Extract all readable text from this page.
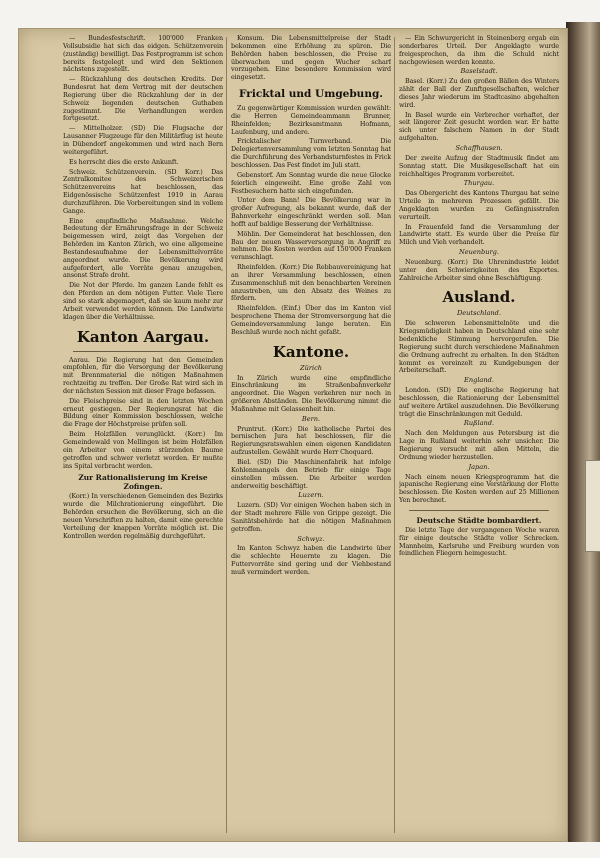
— Bundesfestschrift. 100'000 Franken Vollsubsidie hat sich das eidgen. Schützenverein (zuständig) bewilligt. Das Festprogramm ist schon bereits festgelegt und wird den Sektionen nächstens zugestellt.

— Rückzahlung des deutschen Kredits. Der Bundesrat hat dem Vertrag mit der deutschen Regierung über die Rückzahlung der in der Schweiz liegenden deutschen Guthaben zugestimmt. Die Verhandlungen werden fortgesetzt.

— Mittelholzer. (SD) Die Flugsache der Lausanner Flugzeuge für den Militärflug ist heute in Dübendorf angekommen und wird nach Bern weitergeführt.

Es herrscht dies die erste Ankunft.

Schweiz. Schützenverein. (SD Korr.) Das Zentralkomitee des Schweizerischen Schützenvereins hat beschlossen, das Eidgenössische Schützenfest 1919 in Aarau durchzuführen. Die Vorbereitungen sind in vollem Gange.

Eine empfindliche Maßnahme. Welche Bedeutung der Ernährungsfrage in der Schweiz beigemessen wird, zeigt das Vorgehen der Behörden im Kanton Zürich, wo eine allgemeine Bestandesaufnahme der Lebensmittelvorräte angeordnet wurde. Die Bevölkerung wird aufgefordert, alle Vorräte genau anzugeben, ansonst Strafe droht.

Die Not der Pferde. Im ganzen Lande fehlt es den Pferden an dem nötigen Futter. Viele Tiere sind so stark abgemagert, daß sie kaum mehr zur Arbeit verwendet werden können. Die Landwirte klagen über die Verhältnisse.

Kanton Aargau.

Aarau. Die Regierung hat den Gemeinden empfohlen, für die Versorgung der Bevölkerung mit Brennmaterial die nötigen Maßnahmen rechtzeitig zu treffen. Der Große Rat wird sich in der nächsten Session mit dieser Frage befassen.

Die Fleischpreise sind in den letzten Wochen erneut gestiegen. Der Regierungsrat hat die Bildung einer Kommission beschlossen, welche die Frage der Höchstpreise prüfen soll.

Beim Holzfällen verunglückt. (Korr.) Im Gemeindewald von Mellingen ist beim Holzfällen ein Arbeiter von einem stürzenden Baume getroffen und schwer verletzt worden. Er mußte ins Spital verbracht werden.

Zur Rationalisierung im Kreise Zofingen.

(Korr.) In verschiedenen Gemeinden des Bezirks wurde die Milchrationierung eingeführt. Die Behörden ersuchen die Bevölkerung, sich an die neuen Vorschriften zu halten, damit eine gerechte Verteilung der knappen Vorräte möglich ist. Die Kontrollen werden regelmäßig durchgeführt.

Konsum. Die Lebensmittelpreise der Stadt bekommen eine Erhöhung zu spüren. Die Behörden haben beschlossen, die Preise zu überwachen und gegen Wucher scharf vorzugehen. Eine besondere Kommission wird eingesetzt.

Fricktal und Umgebung.

Zu gegenwärtiger Kommission wurden gewählt: die Herren Gemeindeammann Brunner, Rheinfelden; Bezirksamtmann Hofmann, Laufenburg, und andere.

Fricktalischer Turnverband. Die Delegiertenversammlung vom letzten Sonntag hat die Durchführung des Verbandsturnfestes in Frick beschlossen. Das Fest findet im Juli statt.

Gebenstorf. Am Sonntag wurde die neue Glocke feierlich eingeweiht. Eine große Zahl von Festbesuchern hatte sich eingefunden.

Unter dem Bann! Die Bevölkerung war in großer Aufregung, als bekannt wurde, daß der Bahnverkehr eingeschränkt werden soll. Man hofft auf baldige Besserung der Verhältnisse.

Möhlin. Der Gemeinderat hat beschlossen, den Bau der neuen Wasserversorgung in Angriff zu nehmen. Die Kosten werden auf 150'000 Franken veranschlagt.

Rheinfelden. (Korr.) Die Rebbauvereinigung hat an ihrer Versammlung beschlossen, einen Zusammenschluß mit den benachbarten Vereinen anzustreben, um den Absatz des Weines zu fördern.

Rheinfelden. (Einf.) Über das im Kanton viel besprochene Thema der Stromversorgung hat die Gemeindeversammlung lange beraten. Ein Beschluß wurde noch nicht gefaßt.

Kantone.
Zürich

In Zürich wurde eine empfindliche Einschränkung im Straßenbahnverkehr angeordnet. Die Wagen verkehren nur noch in größeren Abständen. Die Bevölkerung nimmt die Maßnahme mit Gelassenheit hin.

Bern.

Pruntrut. (Korr.) Die katholische Partei des bernischen Jura hat beschlossen, für die Regierungsratswahlen einen eigenen Kandidaten aufzustellen. Gewählt wurde Herr Choquard.

Biel. (SD) Die Maschinenfabrik hat infolge Kohlenmangels den Betrieb für einige Tage einstellen müssen. Die Arbeiter werden anderweitig beschäftigt.

Luzern.

Luzern. (SD) Vor einigen Wochen haben sich in der Stadt mehrere Fälle von Grippe gezeigt. Die Sanitätsbehörde hat die nötigen Maßnahmen getroffen.

Schwyz.

Im Kanton Schwyz haben die Landwirte über die schlechte Heuernte zu klagen. Die Futtervorräte sind gering und der Viehbestand muß vermindert werden.

— Ein Schwurgericht in Steinenberg ergab ein sonderbares Urteil. Der Angeklagte wurde freigesprochen, da ihm die Schuld nicht nachgewiesen werden konnte.

Baselstadt.

Basel. (Korr.) Zu den großen Bällen des Winters zählt der Ball der Zunftgesellschaften, welcher dieses Jahr wiederum im Stadtcasino abgehalten wird.

In Basel wurde ein Verbrecher verhaftet, der seit längerer Zeit gesucht worden war. Er hatte sich unter falschem Namen in der Stadt aufgehalten.

Schaffhausen.

Der zweite Aufzug der Stadtmusik findet am Sonntag statt. Die Musikgesellschaft hat ein reichhaltiges Programm vorbereitet.

Thurgau.

Das Obergericht des Kantons Thurgau hat seine Urteile in mehreren Prozessen gefällt. Die Angeklagten wurden zu Gefängnisstrafen verurteilt.

In Frauenfeld fand die Versammlung der Landwirte statt. Es wurde über die Preise für Milch und Vieh verhandelt.

Neuenburg.

Neuenburg. (Korr.) Die Uhrenindustrie leidet unter den Schwierigkeiten des Exportes. Zahlreiche Arbeiter sind ohne Beschäftigung.

Ausland.
Deutschland.

Die schweren Lebensmittelnöte und die Kriegsmüdigkeit haben in Deutschland eine sehr bedenkliche Stimmung hervorgerufen. Die Regierung sucht durch verschiedene Maßnahmen die Ordnung aufrecht zu erhalten. In den Städten kommt es vereinzelt zu Kundgebungen der Arbeiterschaft.

England.

London. (SD) Die englische Regierung hat beschlossen, die Rationierung der Lebensmittel auf weitere Artikel auszudehnen. Die Bevölkerung trägt die Einschränkungen mit Geduld.

Rußland.

Nach den Meldungen aus Petersburg ist die Lage in Rußland weiterhin sehr unsicher. Die Regierung versucht mit allen Mitteln, die Ordnung wieder herzustellen.

Japan.

Nach einem neuen Kriegsprogramm hat die japanische Regierung eine Verstärkung der Flotte beschlossen. Die Kosten werden auf 25 Millionen Yen berechnet.

Deutsche Städte bombardiert.

Die letzte Tage der vergangenen Woche waren für einige deutsche Städte voller Schrecken. Mannheim, Karlsruhe und Freiburg wurden von feindlichen Fliegern heimgesucht.
